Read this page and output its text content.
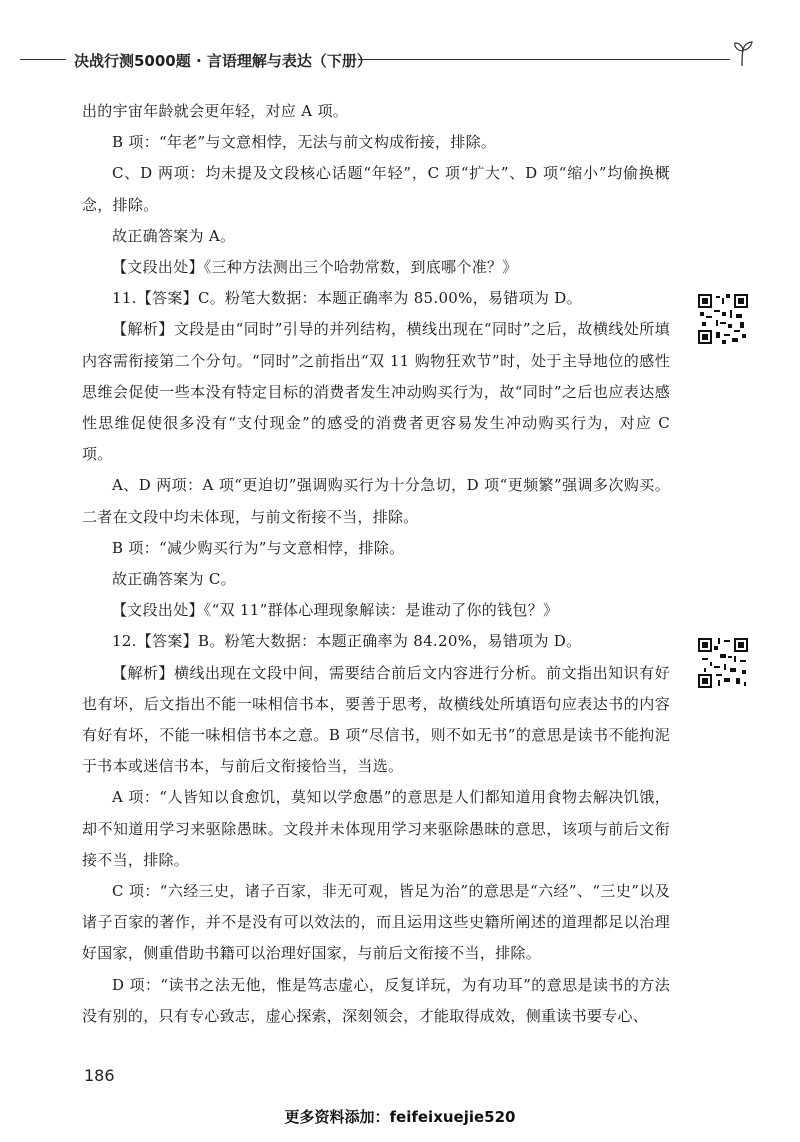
决战行测5000题 · 言语理解与表达（下册）

出的宇宙年龄就会更年轻，对应 A 项。

B 项：“年老”与文意相悖，无法与前文构成衔接，排除。

C、D 两项：均未提及文段核心话题“年轻”，C 项“扩大”、D 项“缩小”均偷换概念，排除。

故正确答案为 A。

【文段出处】《三种方法测出三个哈勃常数，到底哪个准？》

11.【答案】C。粉笔大数据：本题正确率为 85.00%，易错项为 D。

【解析】文段是由“同时”引导的并列结构，横线出现在“同时”之后，故横线处所填内容需衔接第二个分句。“同时”之前指出“双 11 购物狂欢节”时，处于主导地位的感性思维会促使一些本没有特定目标的消费者发生冲动购买行为，故“同时”之后也应表达感性思维促使很多没有“支付现金”的感受的消费者更容易发生冲动购买行为，对应 C 项。

A、D 两项：A 项“更迫切”强调购买行为十分急切，D 项“更频繁”强调多次购买。二者在文段中均未体现，与前文衔接不当，排除。

B 项：“减少购买行为”与文意相悖，排除。

故正确答案为 C。

【文段出处】《“双 11”群体心理现象解读：是谁动了你的钱包？》

12.【答案】B。粉笔大数据：本题正确率为 84.20%，易错项为 D。

【解析】横线出现在文段中间，需要结合前后文内容进行分析。前文指出知识有好也有坏，后文指出不能一味相信书本，要善于思考，故横线处所填语句应表达书的内容有好有坏，不能一味相信书本之意。B 项“尽信书，则不如无书”的意思是读书不能拘泥于书本或迷信书本，与前后文衔接恰当，当选。

A 项：“人皆知以食愈饥，莫知以学愈愚”的意思是人们都知道用食物去解决饥饿，却不知道用学习来驱除愚昧。文段并未体现用学习来驱除愚昧的意思，该项与前后文衔接不当，排除。

C 项：“六经三史，诸子百家，非无可观，皆足为治”的意思是“六经”、“三史”以及诸子百家的著作，并不是没有可以效法的，而且运用这些史籍所阐述的道理都足以治理好国家，侧重借助书籍可以治理好国家，与前后文衔接不当，排除。

D 项：“读书之法无他，惟是笃志虚心，反复详玩，为有功耳”的意思是读书的方法没有别的，只有专心致志，虚心探索，深刻领会，才能取得成效，侧重读书要专心、

186
更多资料添加：feifeixuejie520
